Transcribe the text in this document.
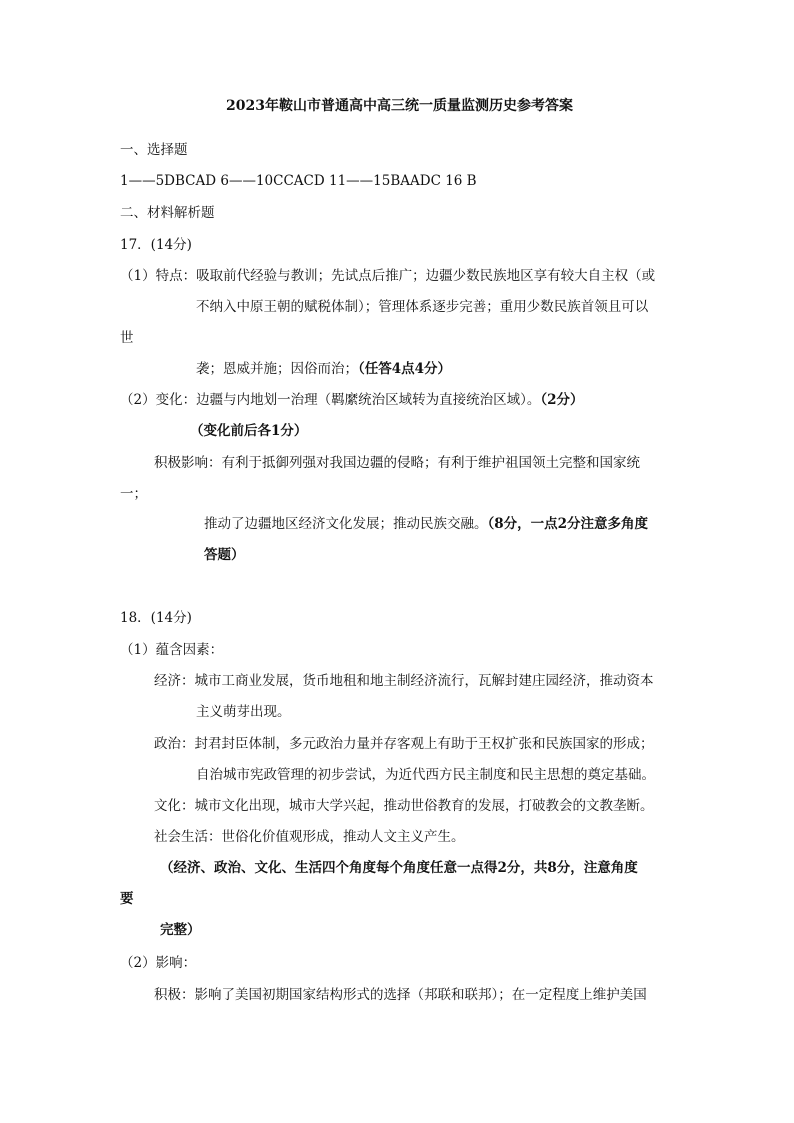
2023年鞍山市普通高中高三统一质量监测历史参考答案
一、选择题
1——5DBCAD 6——10CCACD 11——15BAADC 16 B
二、材料解析题
17．(14分)
（1）特点：吸取前代经验与教训；先试点后推广；边疆少数民族地区享有较大自主权（或
不纳入中原王朝的赋税体制）；管理体系逐步完善；重用少数民族首领且可以
世
袭；恩威并施；因俗而治；（任答4点4分）
（2）变化：边疆与内地划一治理（羁縻统治区域转为直接统治区域）。（2分）
（变化前后各1分）
积极影响：有利于抵御列强对我国边疆的侵略；有利于维护祖国领土完整和国家统
一；
推动了边疆地区经济文化发展；推动民族交融。（8分，一点2分注意多角度
答题）
18．(14分)
（1）蕴含因素：
经济：城市工商业发展，货币地租和地主制经济流行，瓦解封建庄园经济，推动资本
主义萌芽出现。
政治：封君封臣体制，多元政治力量并存客观上有助于王权扩张和民族国家的形成；
自治城市宪政管理的初步尝试，为近代西方民主制度和民主思想的奠定基础。
文化：城市文化出现，城市大学兴起，推动世俗教育的发展，打破教会的文教垄断。
社会生活：世俗化价值观形成，推动人文主义产生。
（经济、政治、文化、生活四个角度每个角度任意一点得2分，共8分，注意角度
要
完整）
（2）影响：
积极：影响了美国初期国家结构形式的选择（邦联和联邦）；在一定程度上维护美国
